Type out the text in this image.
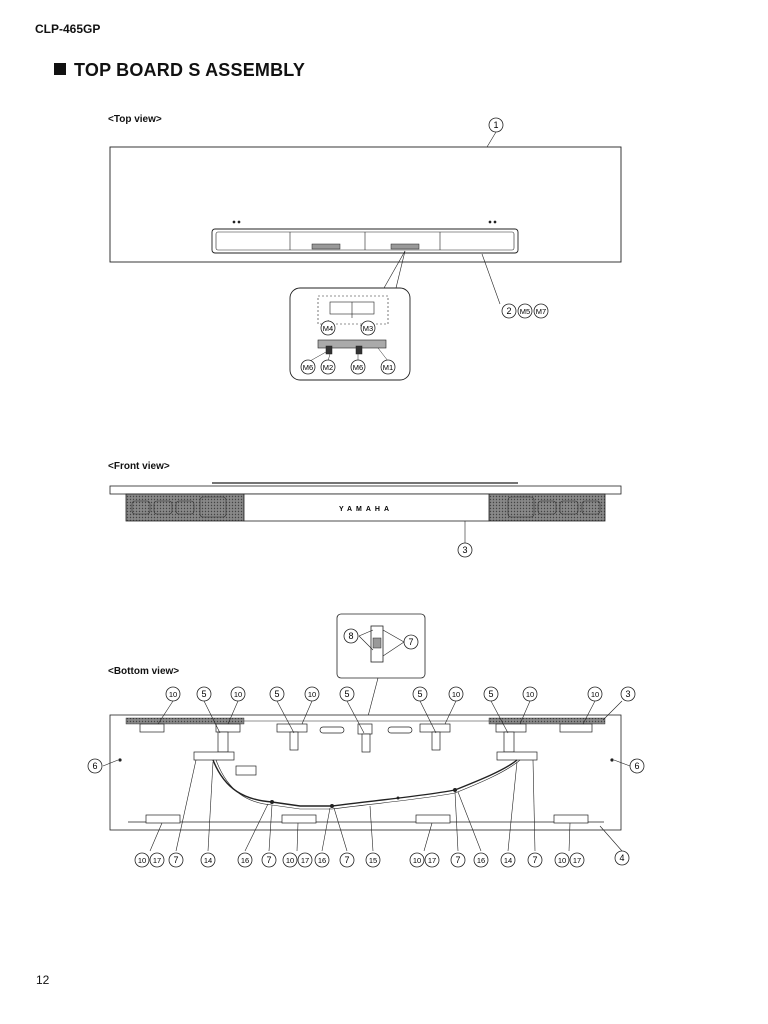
CLP-465GP
TOP BOARD S ASSEMBLY
<Top view>
<Front view>
<Bottom view>
12
1
2 M5 M7
M4	M3
M6 M2	M6	M1
YAMAHA
3
8
7
10	5	10	5	10	5	5	10	5	10	10	3
6	6
10 17 7	14	16 7 10 17 16 7	15	10 17 7 16 14 7	10 17	4
